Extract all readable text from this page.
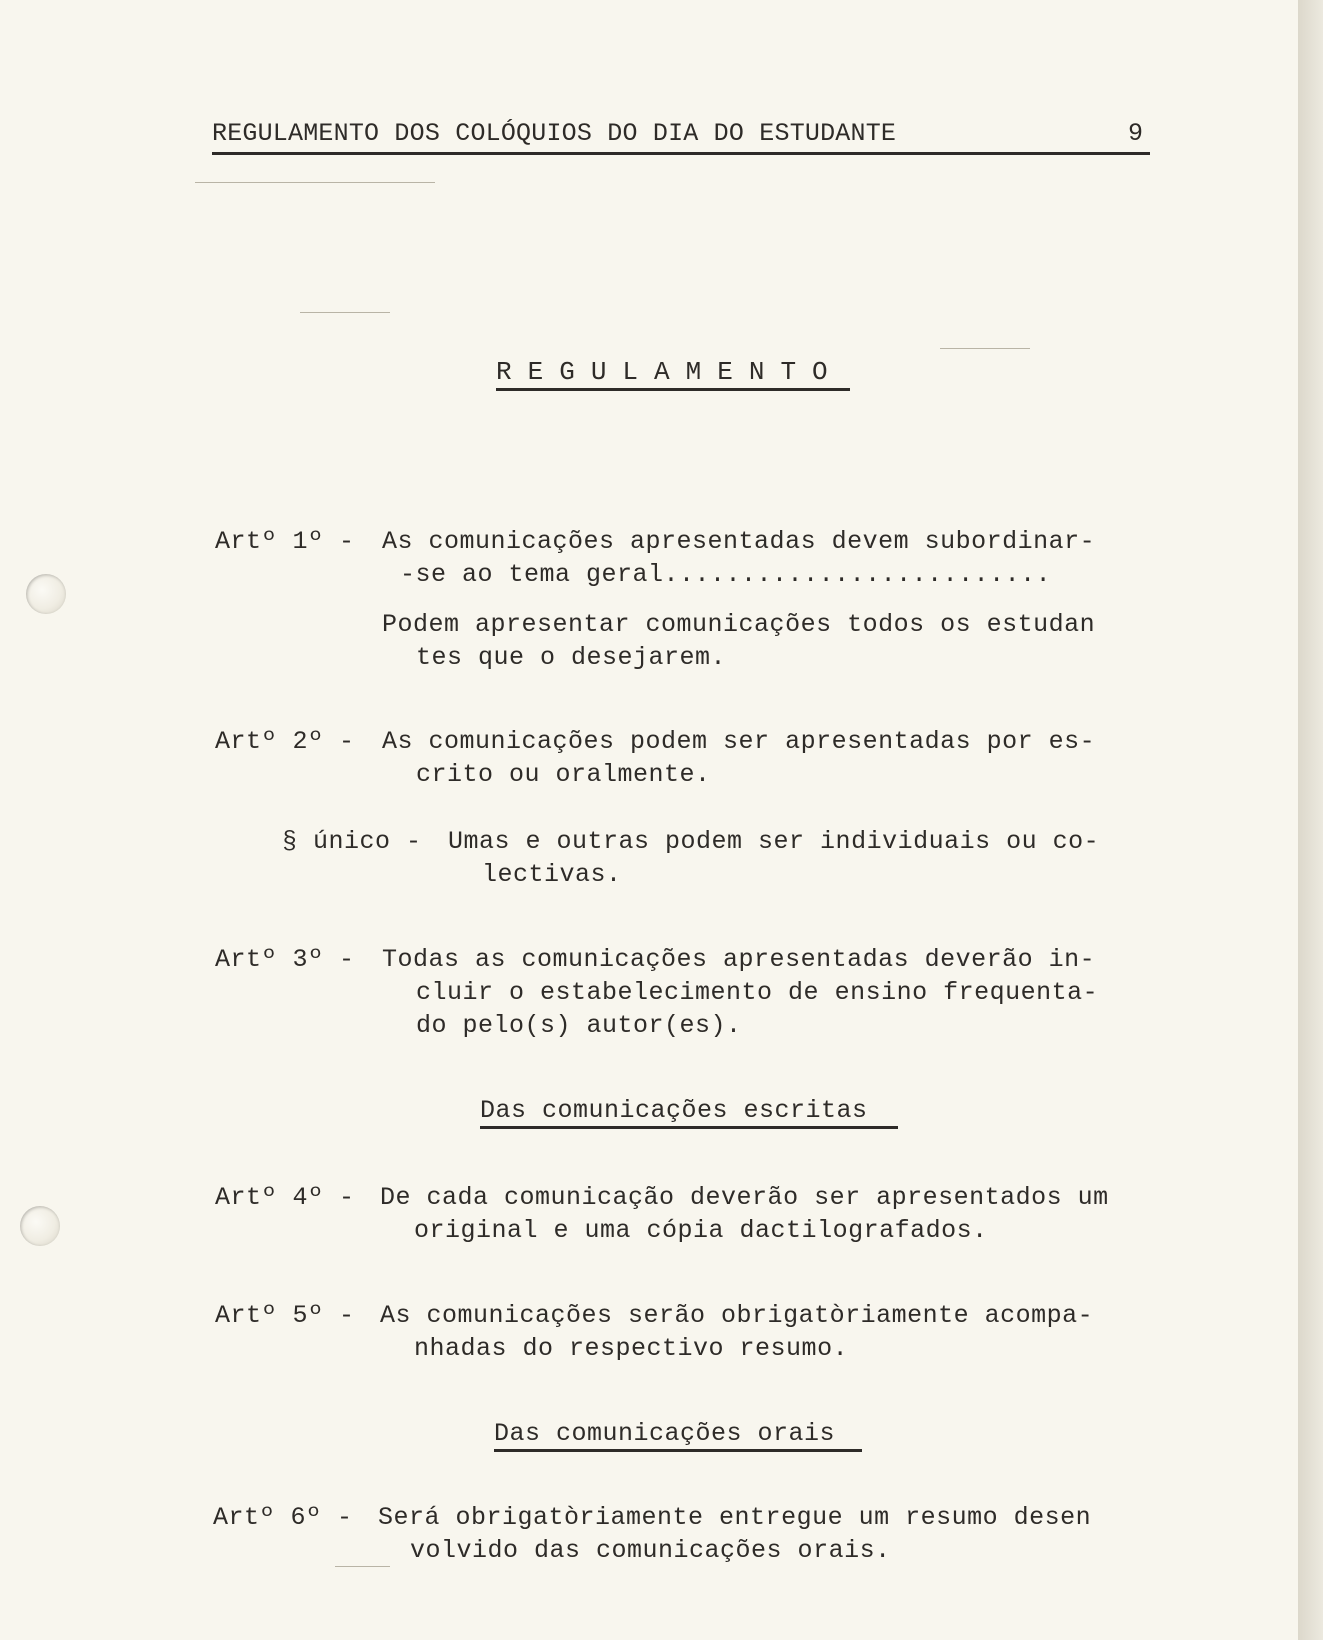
REGULAMENTO DOS COLÓQUIOS DO DIA DO ESTUDANTE	9
R E G U L A M E N T O
Artº 1º - As comunicações apresentadas devem subordinar-
-se ao tema geral.........................
Podem apresentar comunicações todos os estudan
tes que o desejarem.
Artº 2º - As comunicações podem ser apresentadas por es-
crito ou oralmente.
§ único - Umas e outras podem ser individuais ou co-
lectivas.
Artº 3º - Todas as comunicações apresentadas deverão in-
cluir o estabelecimento de ensino frequenta-
do pelo(s) autor(es).
Das comunicações escritas
Artº 4º - De cada comunicação deverão ser apresentados um
original e uma cópia dactilografados.
Artº 5º - As comunicações serão obrigatòriamente acompa-
nhadas do respectivo resumo.
Das comunicações orais
Artº 6º - Será obrigatòriamente entregue um resumo desen
volvido das comunicações orais.
